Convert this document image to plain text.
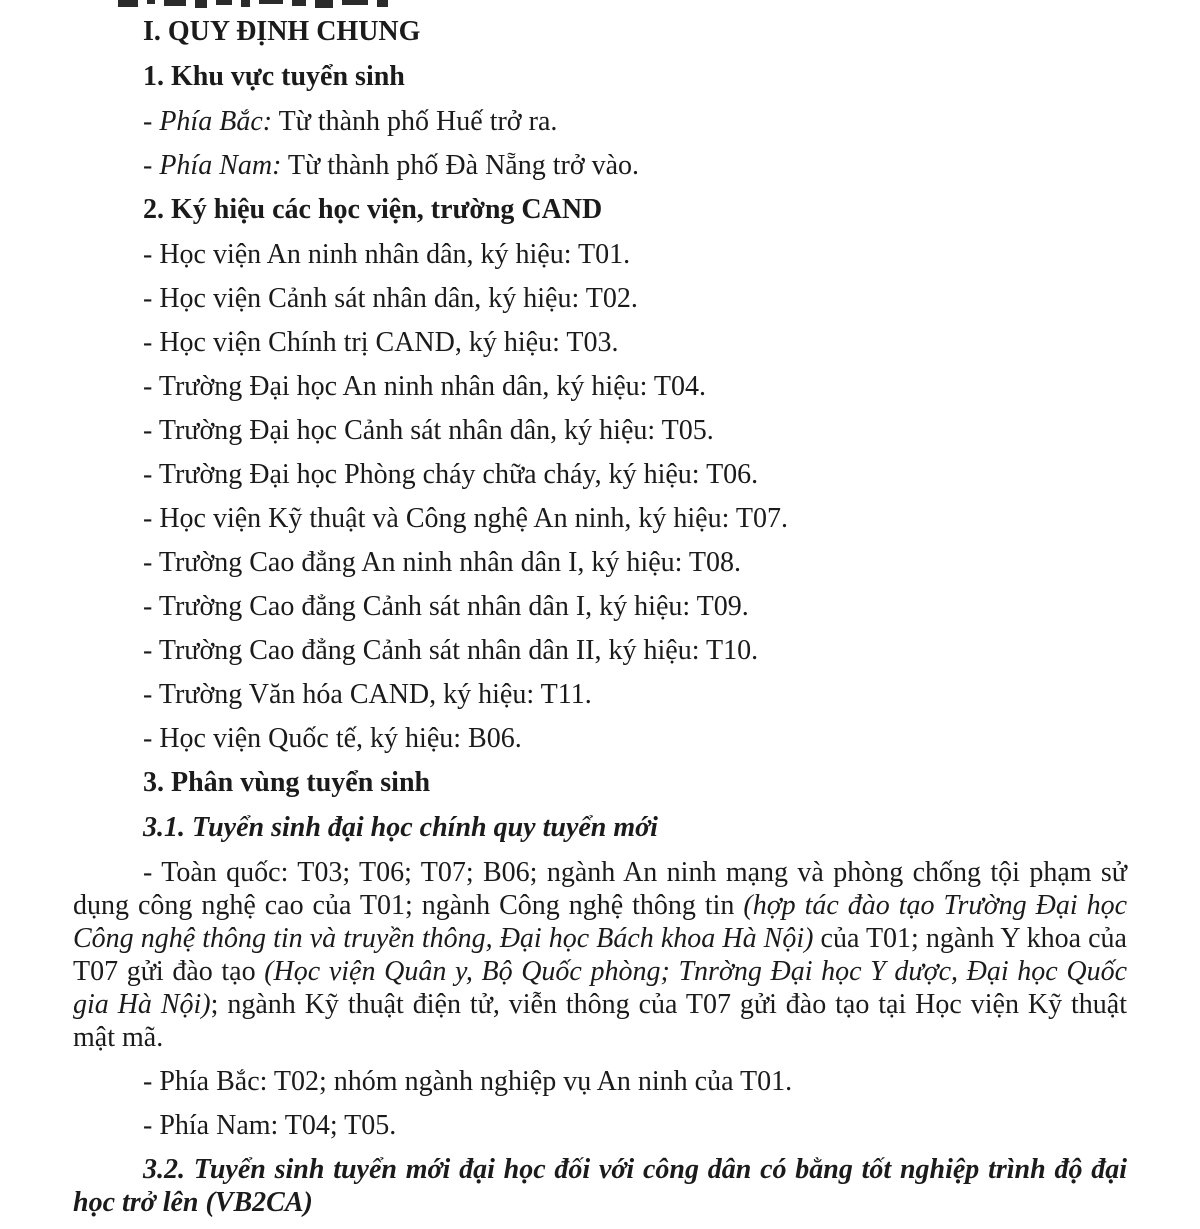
I. QUY ĐỊNH CHUNG

1. Khu vực tuyển sinh

- Phía Bắc: Từ thành phố Huế trở ra.

- Phía Nam: Từ thành phố Đà Nẵng trở vào.

2. Ký hiệu các học viện, trường CAND

- Học viện An ninh nhân dân, ký hiệu: T01.

- Học viện Cảnh sát nhân dân, ký hiệu: T02.

- Học viện Chính trị CAND, ký hiệu: T03.

- Trường Đại học An ninh nhân dân, ký hiệu: T04.

- Trường Đại học Cảnh sát nhân dân, ký hiệu: T05.

- Trường Đại học Phòng cháy chữa cháy, ký hiệu: T06.

- Học viện Kỹ thuật và Công nghệ An ninh, ký hiệu: T07.

- Trường Cao đẳng An ninh nhân dân I, ký hiệu: T08.

- Trường Cao đẳng Cảnh sát nhân dân I, ký hiệu: T09.

- Trường Cao đẳng Cảnh sát nhân dân II, ký hiệu: T10.

- Trường Văn hóa CAND, ký hiệu: T11.

- Học viện Quốc tế, ký hiệu: B06.

3. Phân vùng tuyển sinh

3.1. Tuyển sinh đại học chính quy tuyển mới

- Toàn quốc: T03; T06; T07; B06; ngành An ninh mạng và phòng chống tội phạm sử dụng công nghệ cao của T01; ngành Công nghệ thông tin (hợp tác đào tạo Trường Đại học Công nghệ thông tin và truyền thông, Đại học Bách khoa Hà Nội) của T01; ngành Y khoa của T07 gửi đào tạo (Học viện Quân y, Bộ Quốc phòng; Tnrờng Đại học Y dược, Đại học Quốc gia Hà Nội); ngành Kỹ thuật điện tử, viễn thông của T07 gửi đào tạo tại Học viện Kỹ thuật mật mã.

- Phía Bắc: T02; nhóm ngành nghiệp vụ An ninh của T01.

- Phía Nam: T04; T05.

3.2. Tuyển sinh tuyển mới đại học đối với công dân có bằng tốt nghiệp trình độ đại học trở lên (VB2CA)
